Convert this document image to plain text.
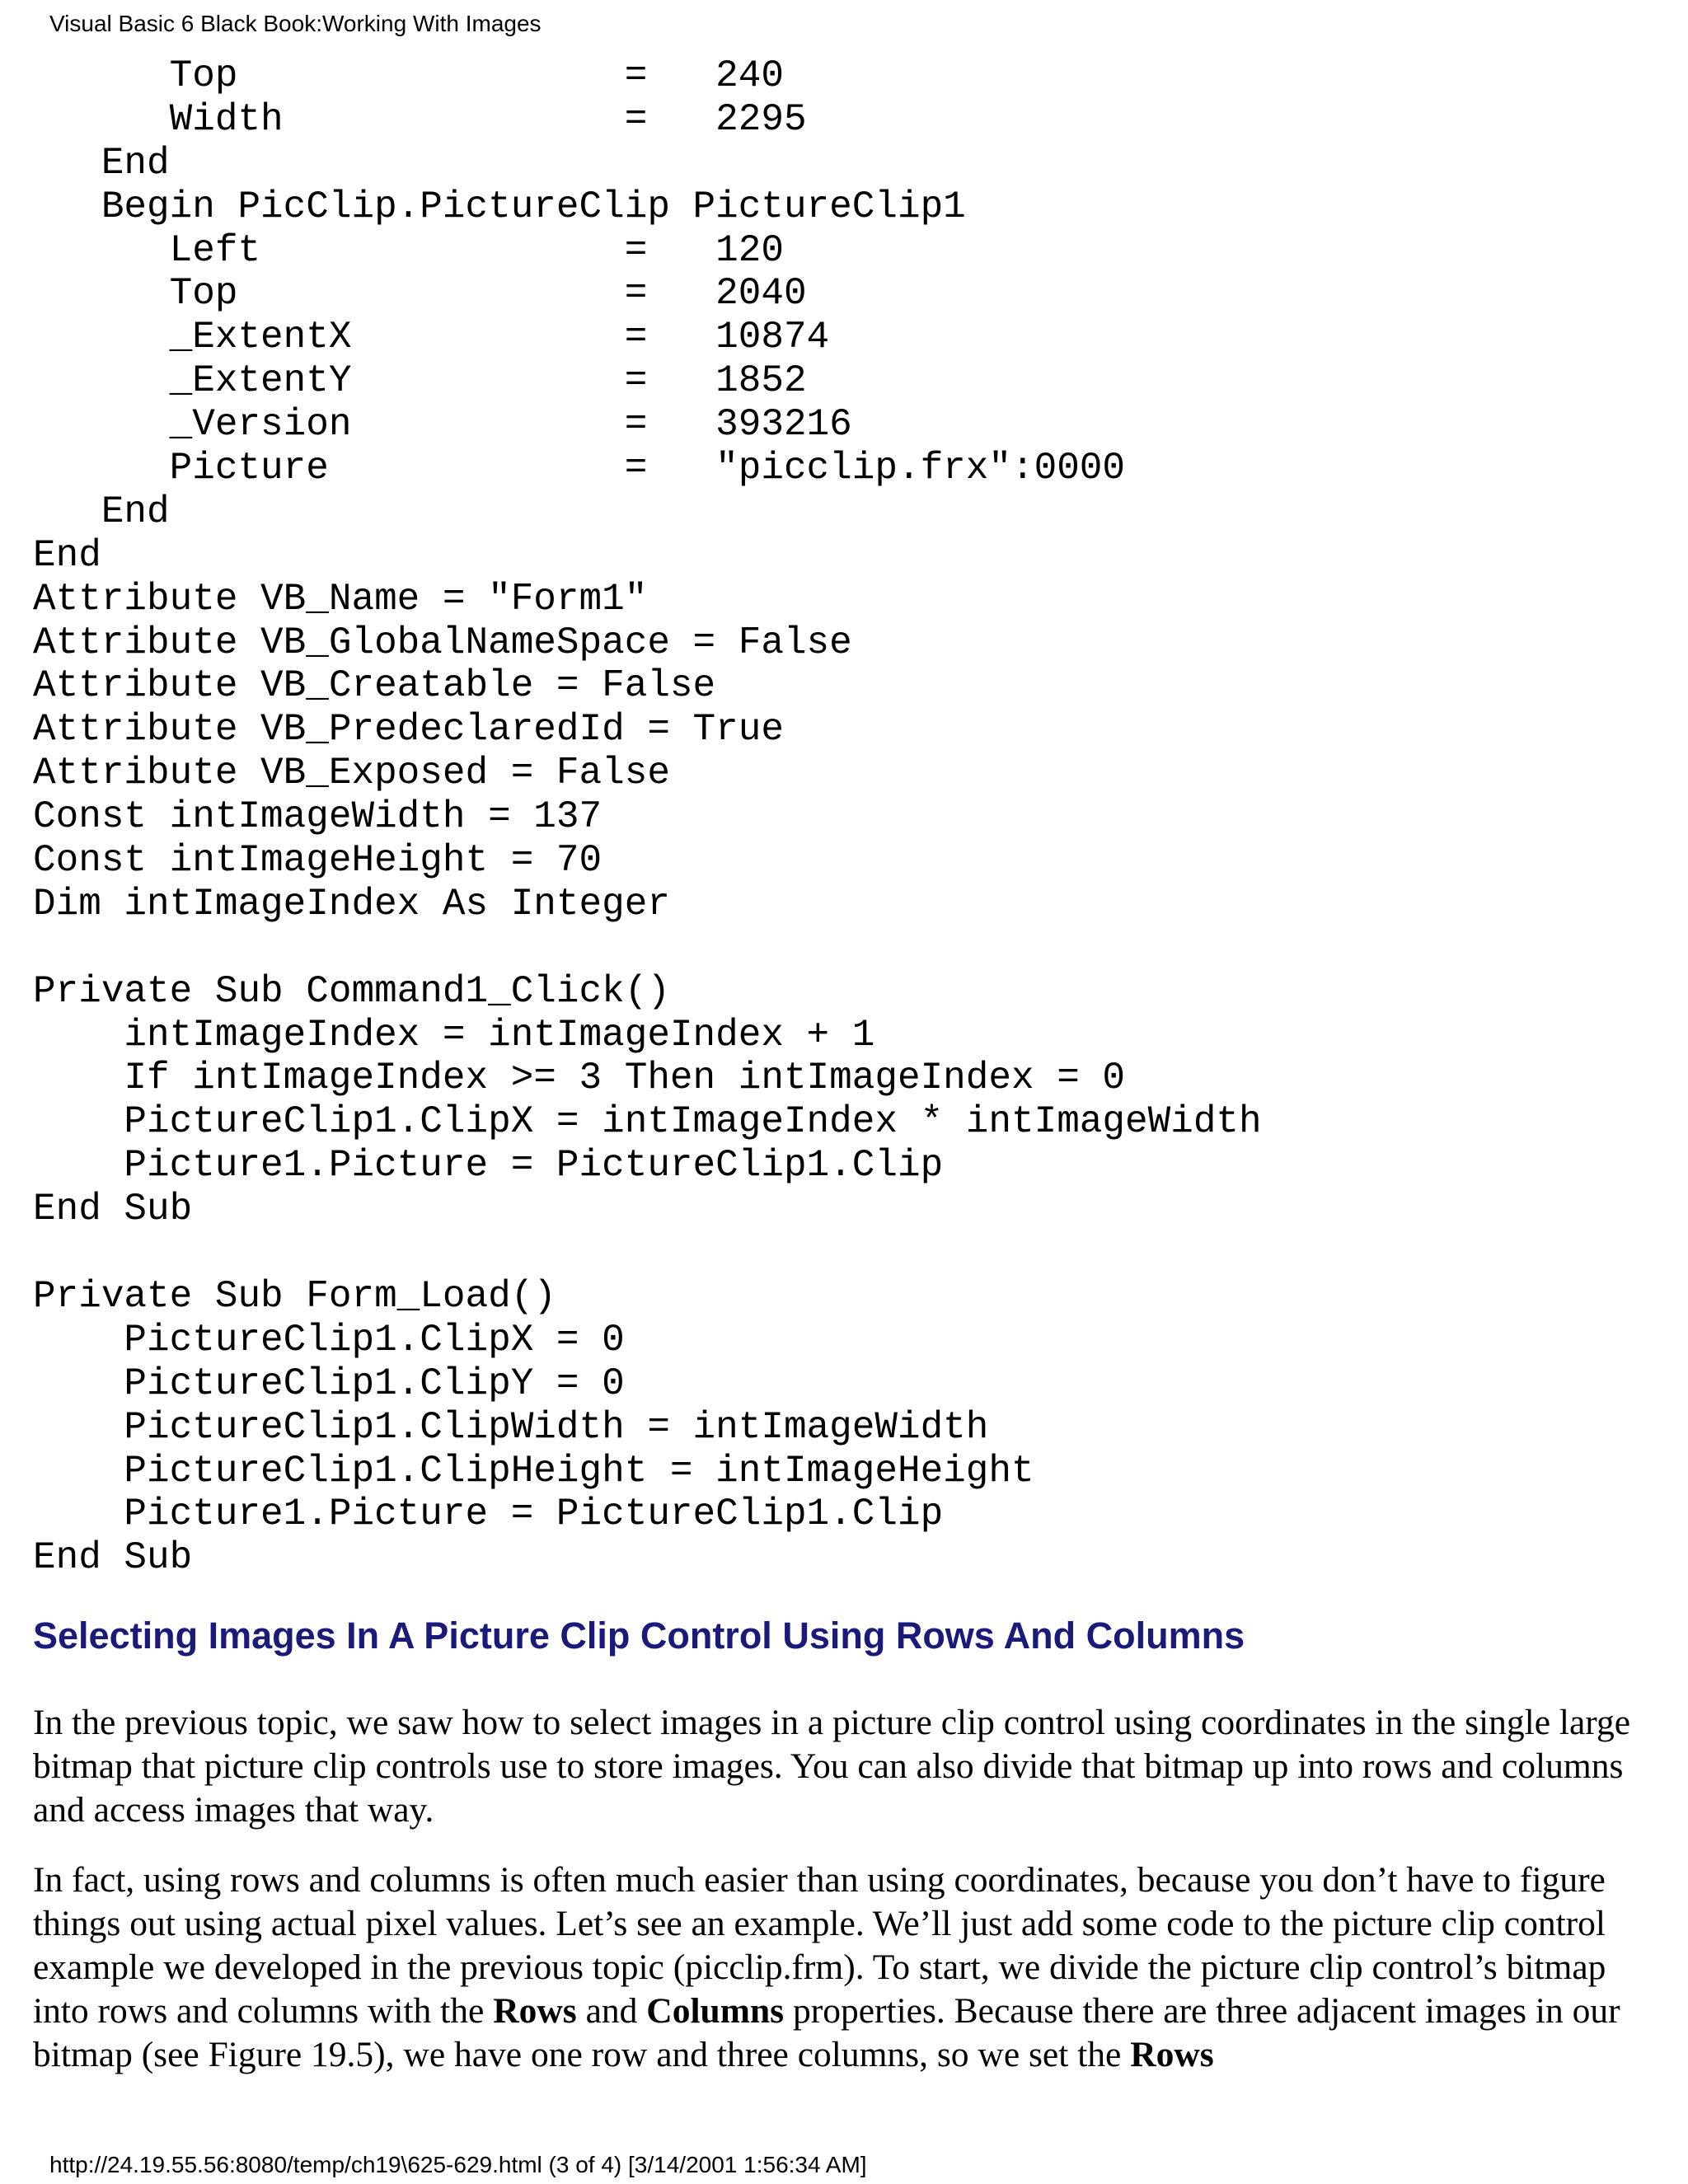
Visual Basic 6 Black Book:Working With Images
Top                 =   240
Width               =   2295
End
Begin PicClip.PictureClip PictureClip1
Left                =   120
Top                 =   2040
_ExtentX            =   10874
_ExtentY            =   1852
_Version            =   393216
Picture             =   "picclip.frx":0000
End
End
Attribute VB_Name = "Form1"
Attribute VB_GlobalNameSpace = False
Attribute VB_Creatable = False
Attribute VB_PredeclaredId = True
Attribute VB_Exposed = False
Const intImageWidth = 137
Const intImageHeight = 70
Dim intImageIndex As Integer
Private Sub Command1_Click()
intImageIndex = intImageIndex + 1
If intImageIndex >= 3 Then intImageIndex = 0
PictureClip1.ClipX = intImageIndex * intImageWidth
Picture1.Picture = PictureClip1.Clip
End Sub
Private Sub Form_Load()
PictureClip1.ClipX = 0
PictureClip1.ClipY = 0
PictureClip1.ClipWidth = intImageWidth
PictureClip1.ClipHeight = intImageHeight
Picture1.Picture = PictureClip1.Clip
End Sub
Selecting Images In A Picture Clip Control Using Rows And Columns

In the previous topic, we saw how to select images in a picture clip control using coordinates in the single large bitmap that picture clip controls use to store images. You can also divide that bitmap up into rows and columns and access images that way.

In fact, using rows and columns is often much easier than using coordinates, because you don’t have to figure things out using actual pixel values. Let’s see an example. We’ll just add some code to the picture clip control example we developed in the previous topic (picclip.frm). To start, we divide the picture clip control’s bitmap into rows and columns with the Rows and Columns properties. Because there are three adjacent images in our bitmap (see Figure 19.5), we have one row and three columns, so we set the Rows

http://24.19.55.56:8080/temp/ch19\625-629.html (3 of 4) [3/14/2001 1:56:34 AM]
